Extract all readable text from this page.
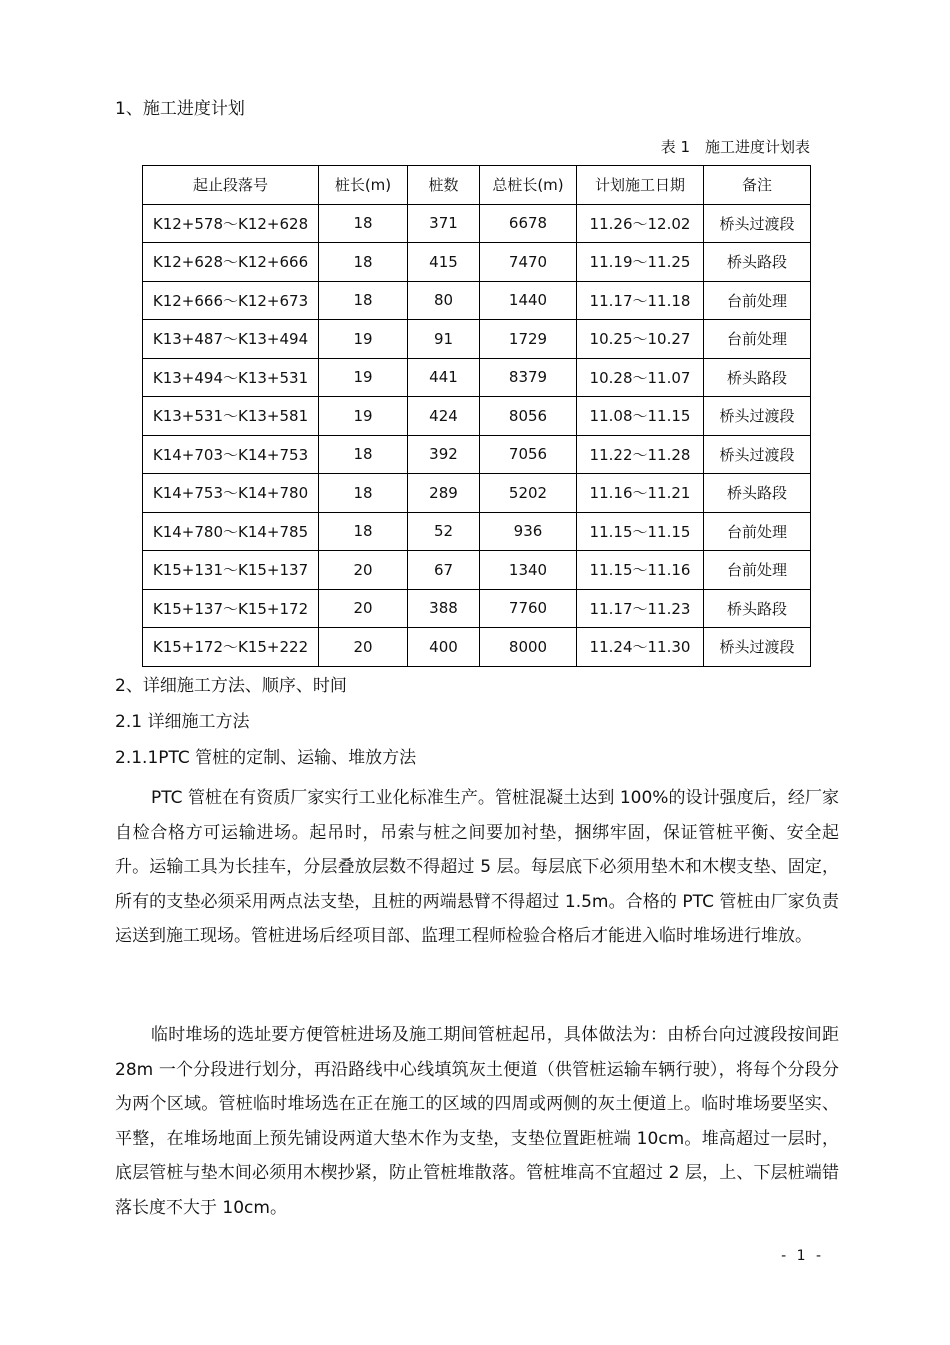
1、施工进度计划
表 1　施工进度计划表
起止段落号	桩长(m)	桩数	总桩长(m)	计划施工日期	备注
K12+578～K12+628	18	371	6678	11.26～12.02	桥头过渡段
K12+628～K12+666	18	415	7470	11.19～11.25	桥头路段
K12+666～K12+673	18	80	1440	11.17～11.18	台前处理
K13+487～K13+494	19	91	1729	10.25～10.27	台前处理
K13+494～K13+531	19	441	8379	10.28～11.07	桥头路段
K13+531～K13+581	19	424	8056	11.08～11.15	桥头过渡段
K14+703～K14+753	18	392	7056	11.22～11.28	桥头过渡段
K14+753～K14+780	18	289	5202	11.16～11.21	桥头路段
K14+780～K14+785	18	52	936	11.15～11.15	台前处理
K15+131～K15+137	20	67	1340	11.15～11.16	台前处理
K15+137～K15+172	20	388	7760	11.17～11.23	桥头路段
K15+172～K15+222	20	400	8000	11.24～11.30	桥头过渡段
2、详细施工方法、顺序、时间
2.1 详细施工方法
2.1.1PTC 管桩的定制、运输、堆放方法

PTC 管桩在有资质厂家实行工业化标准生产。管桩混凝土达到 100%的设计强度后，经厂家自检合格方可运输进场。起吊时，吊索与桩之间要加衬垫，捆绑牢固，保证管桩平衡、安全起升。运输工具为长挂车，分层叠放层数不得超过 5 层。每层底下必须用垫木和木楔支垫、固定，所有的支垫必须采用两点法支垫，且桩的两端悬臂不得超过 1.5m。合格的 PTC 管桩由厂家负责运送到施工现场。管桩进场后经项目部、监理工程师检验合格后才能进入临时堆场进行堆放。

临时堆场的选址要方便管桩进场及施工期间管桩起吊，具体做法为：由桥台向过渡段按间距 28m 一个分段进行划分，再沿路线中心线填筑灰土便道（供管桩运输车辆行驶），将每个分段分为两个区域。管桩临时堆场选在正在施工的区域的四周或两侧的灰土便道上。临时堆场要坚实、平整，在堆场地面上预先铺设两道大垫木作为支垫，支垫位置距桩端 10cm。堆高超过一层时，底层管桩与垫木间必须用木楔抄紧，防止管桩堆散落。管桩堆高不宜超过 2 层，上、下层桩端错落长度不大于 10cm。

- 1 -
